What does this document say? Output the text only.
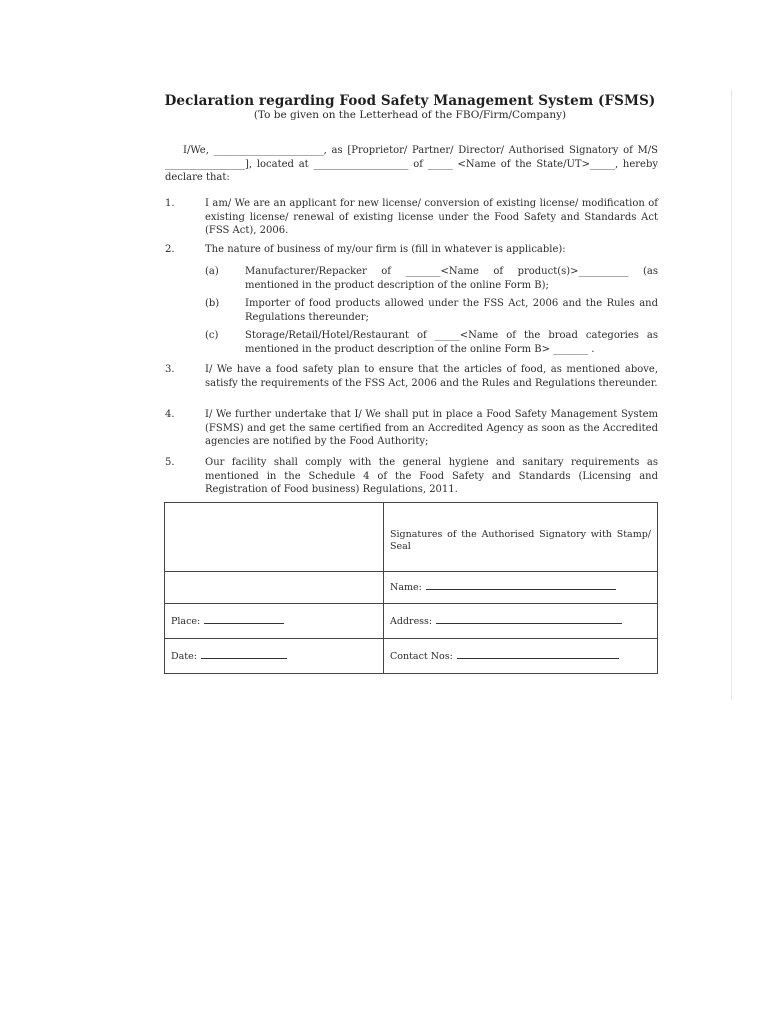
Declaration regarding Food Safety Management System (FSMS)
(To be given on the Letterhead of the FBO/Firm/Company)
I/We, ______________________, as [Proprietor/ Partner/ Director/ Authorised Signatory of M/S ________________], located at ___________________ of _____ <Name of the State/UT>_____, hereby declare that:
1.	I am/ We are an applicant for new license/ conversion of existing license/ modification of existing license/ renewal of existing license under the Food Safety and Standards Act (FSS Act), 2006.
2.	The nature of business of my/our firm is (fill in whatever is applicable):
(a)	Manufacturer/Repacker of _______<Name of product(s)>__________ (as mentioned in the product description of the online Form B);
(b)	Importer of food products allowed under the FSS Act, 2006 and the Rules and Regulations thereunder;
(c)	Storage/Retail/Hotel/Restaurant of _____<Name of the broad categories as mentioned in the product description of the online Form B> _______ .
3.	I/ We have a food safety plan to ensure that the articles of food, as mentioned above, satisfy the requirements of the FSS Act, 2006 and the Rules and Regulations thereunder.
4.	I/ We further undertake that I/ We shall put in place a Food Safety Management System (FSMS) and get the same certified from an Accredited Agency as soon as the Accredited agencies are notified by the Food Authority;
5.	Our facility shall comply with the general hygiene and sanitary requirements as mentioned in the Schedule 4 of the Food Safety and Standards (Licensing and Registration of Food business) Regulations, 2011.

	Signatures of the Authorised Signatory with Stamp/ Seal

	Name:
Place:	Address:
Date:	Contact Nos:
